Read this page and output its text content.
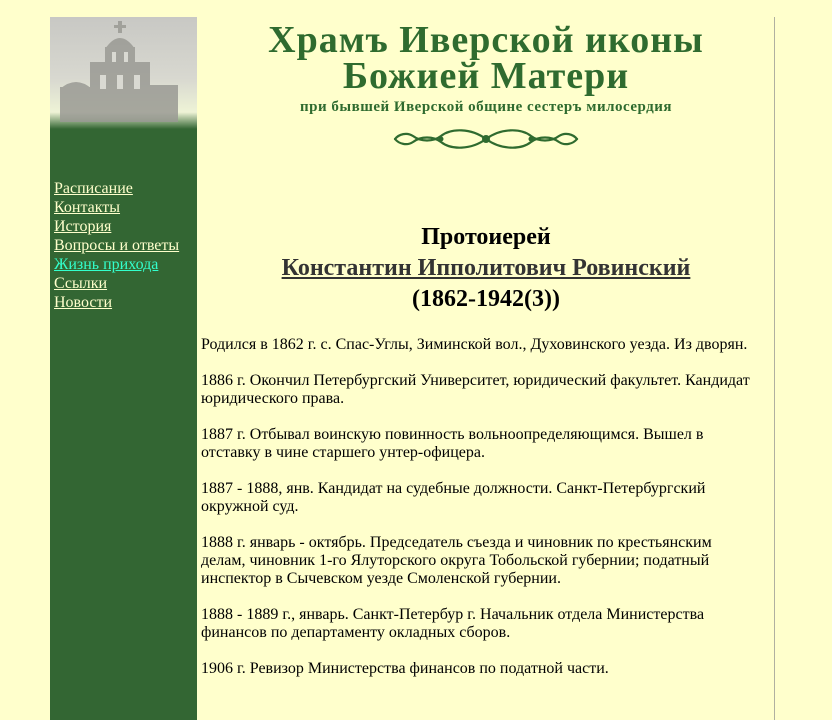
Расписание
Контакты
История
Вопросы и ответы
Жизнь прихода
Ссылки
Новости
Храмъ Иверской иконы
Божией Матери
при бывшей Иверской общине сестеръ милосердия
Протоиерей
Константин Ипполитович Ровинский
(1862-1942(3))

Родился в 1862 г. с. Спас-Углы, Зиминской вол., Духовинского уезда. Из дворян.

1886 г. Окончил Петербургский Университет, юридический факультет. Кандидат юридического права.

1887 г. Отбывал воинскую повинность вольноопределяющимся. Вышел в отставку в чине старшего унтер-офицера.

1887 - 1888, янв. Кандидат на судебные должности. Санкт-Петербургский окружной суд.

1888 г. январь - октябрь. Председатель съезда и чиновник по крестьянским делам, чиновник 1-го Ялуторского округа Тобольской губернии; податный инспектор в Сычевском уезде Смоленской губернии.

1888 - 1889 г., январь. Санкт-Петербур г. Начальник отдела Министерства финансов по департаменту окладных сборов.

1906 г. Ревизор Министерства финансов по податной части.
